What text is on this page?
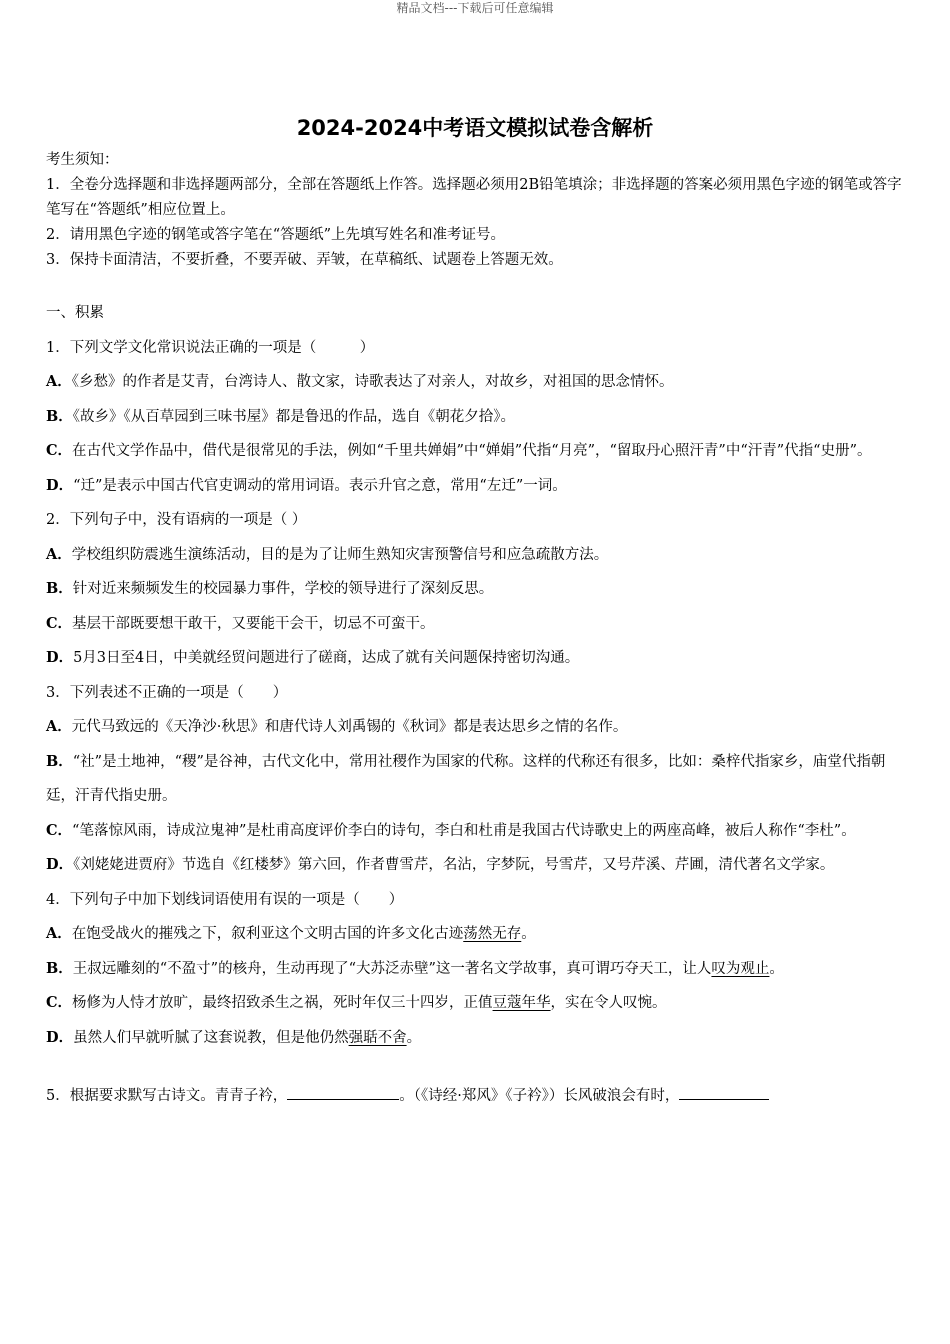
精品文档---下载后可任意编辑
2024-2024中考语文模拟试卷含解析

考生须知：

1．全卷分选择题和非选择题两部分，全部在答题纸上作答。选择题必须用2B铅笔填涂；非选择题的答案必须用黑色字迹的钢笔或答字笔写在“答题纸”相应位置上。

2．请用黑色字迹的钢笔或答字笔在“答题纸”上先填写姓名和准考证号。

3．保持卡面清洁，不要折叠，不要弄破、弄皱，在草稿纸、试题卷上答题无效。

一、积累

1．下列文学文化常识说法正确的一项是（　　　）

A．《乡愁》的作者是艾青，台湾诗人、散文家，诗歌表达了对亲人，对故乡，对祖国的思念情怀。

B．《故乡》《从百草园到三味书屋》都是鲁迅的作品，选自《朝花夕拾》。

C．在古代文学作品中，借代是很常见的手法，例如“千里共婵娟”中“婵娟”代指“月亮”，“留取丹心照汗青”中“汗青”代指“史册”。

D．“迁”是表示中国古代官吏调动的常用词语。表示升官之意，常用“左迁”一词。

2．下列句子中，没有语病的一项是（ ）

A．学校组织防震逃生演练活动，目的是为了让师生熟知灾害预警信号和应急疏散方法。

B．针对近来频频发生的校园暴力事件，学校的领导进行了深刻反思。

C．基层干部既要想干敢干，又要能干会干，切忌不可蛮干。

D．5月3日至4日，中美就经贸问题进行了磋商，达成了就有关问题保持密切沟通。

3．下列表述不正确的一项是（　　）

A．元代马致远的《天净沙·秋思》和唐代诗人刘禹锡的《秋词》都是表达思乡之情的名作。

B．“社”是土地神，“稷”是谷神，古代文化中，常用社稷作为国家的代称。这样的代称还有很多，比如：桑梓代指家乡，庙堂代指朝廷，汗青代指史册。

C．“笔落惊风雨，诗成泣鬼神”是杜甫高度评价李白的诗句，李白和杜甫是我国古代诗歌史上的两座高峰，被后人称作“李杜”。

D．《刘姥姥进贾府》节选自《红楼梦》第六回，作者曹雪芹，名沾，字梦阮，号雪芹，又号芹溪、芹圃，清代著名文学家。

4．下列句子中加下划线词语使用有误的一项是（　　）

A．在饱受战火的摧残之下，叙利亚这个文明古国的许多文化古迹荡然无存。

B．王叔远雕刻的“不盈寸”的核舟，生动再现了“大苏泛赤壁”这一著名文学故事，真可谓巧夺天工，让人叹为观止。

C．杨修为人恃才放旷，最终招致杀生之祸，死时年仅三十四岁，正值豆蔻年华，实在令人叹惋。

D．虽然人们早就听腻了这套说教，但是他仍然强聒不舍。

5．根据要求默写古诗文。青青子衿，	。（《诗经·郑风》《子衿》）长风破浪会有时，
